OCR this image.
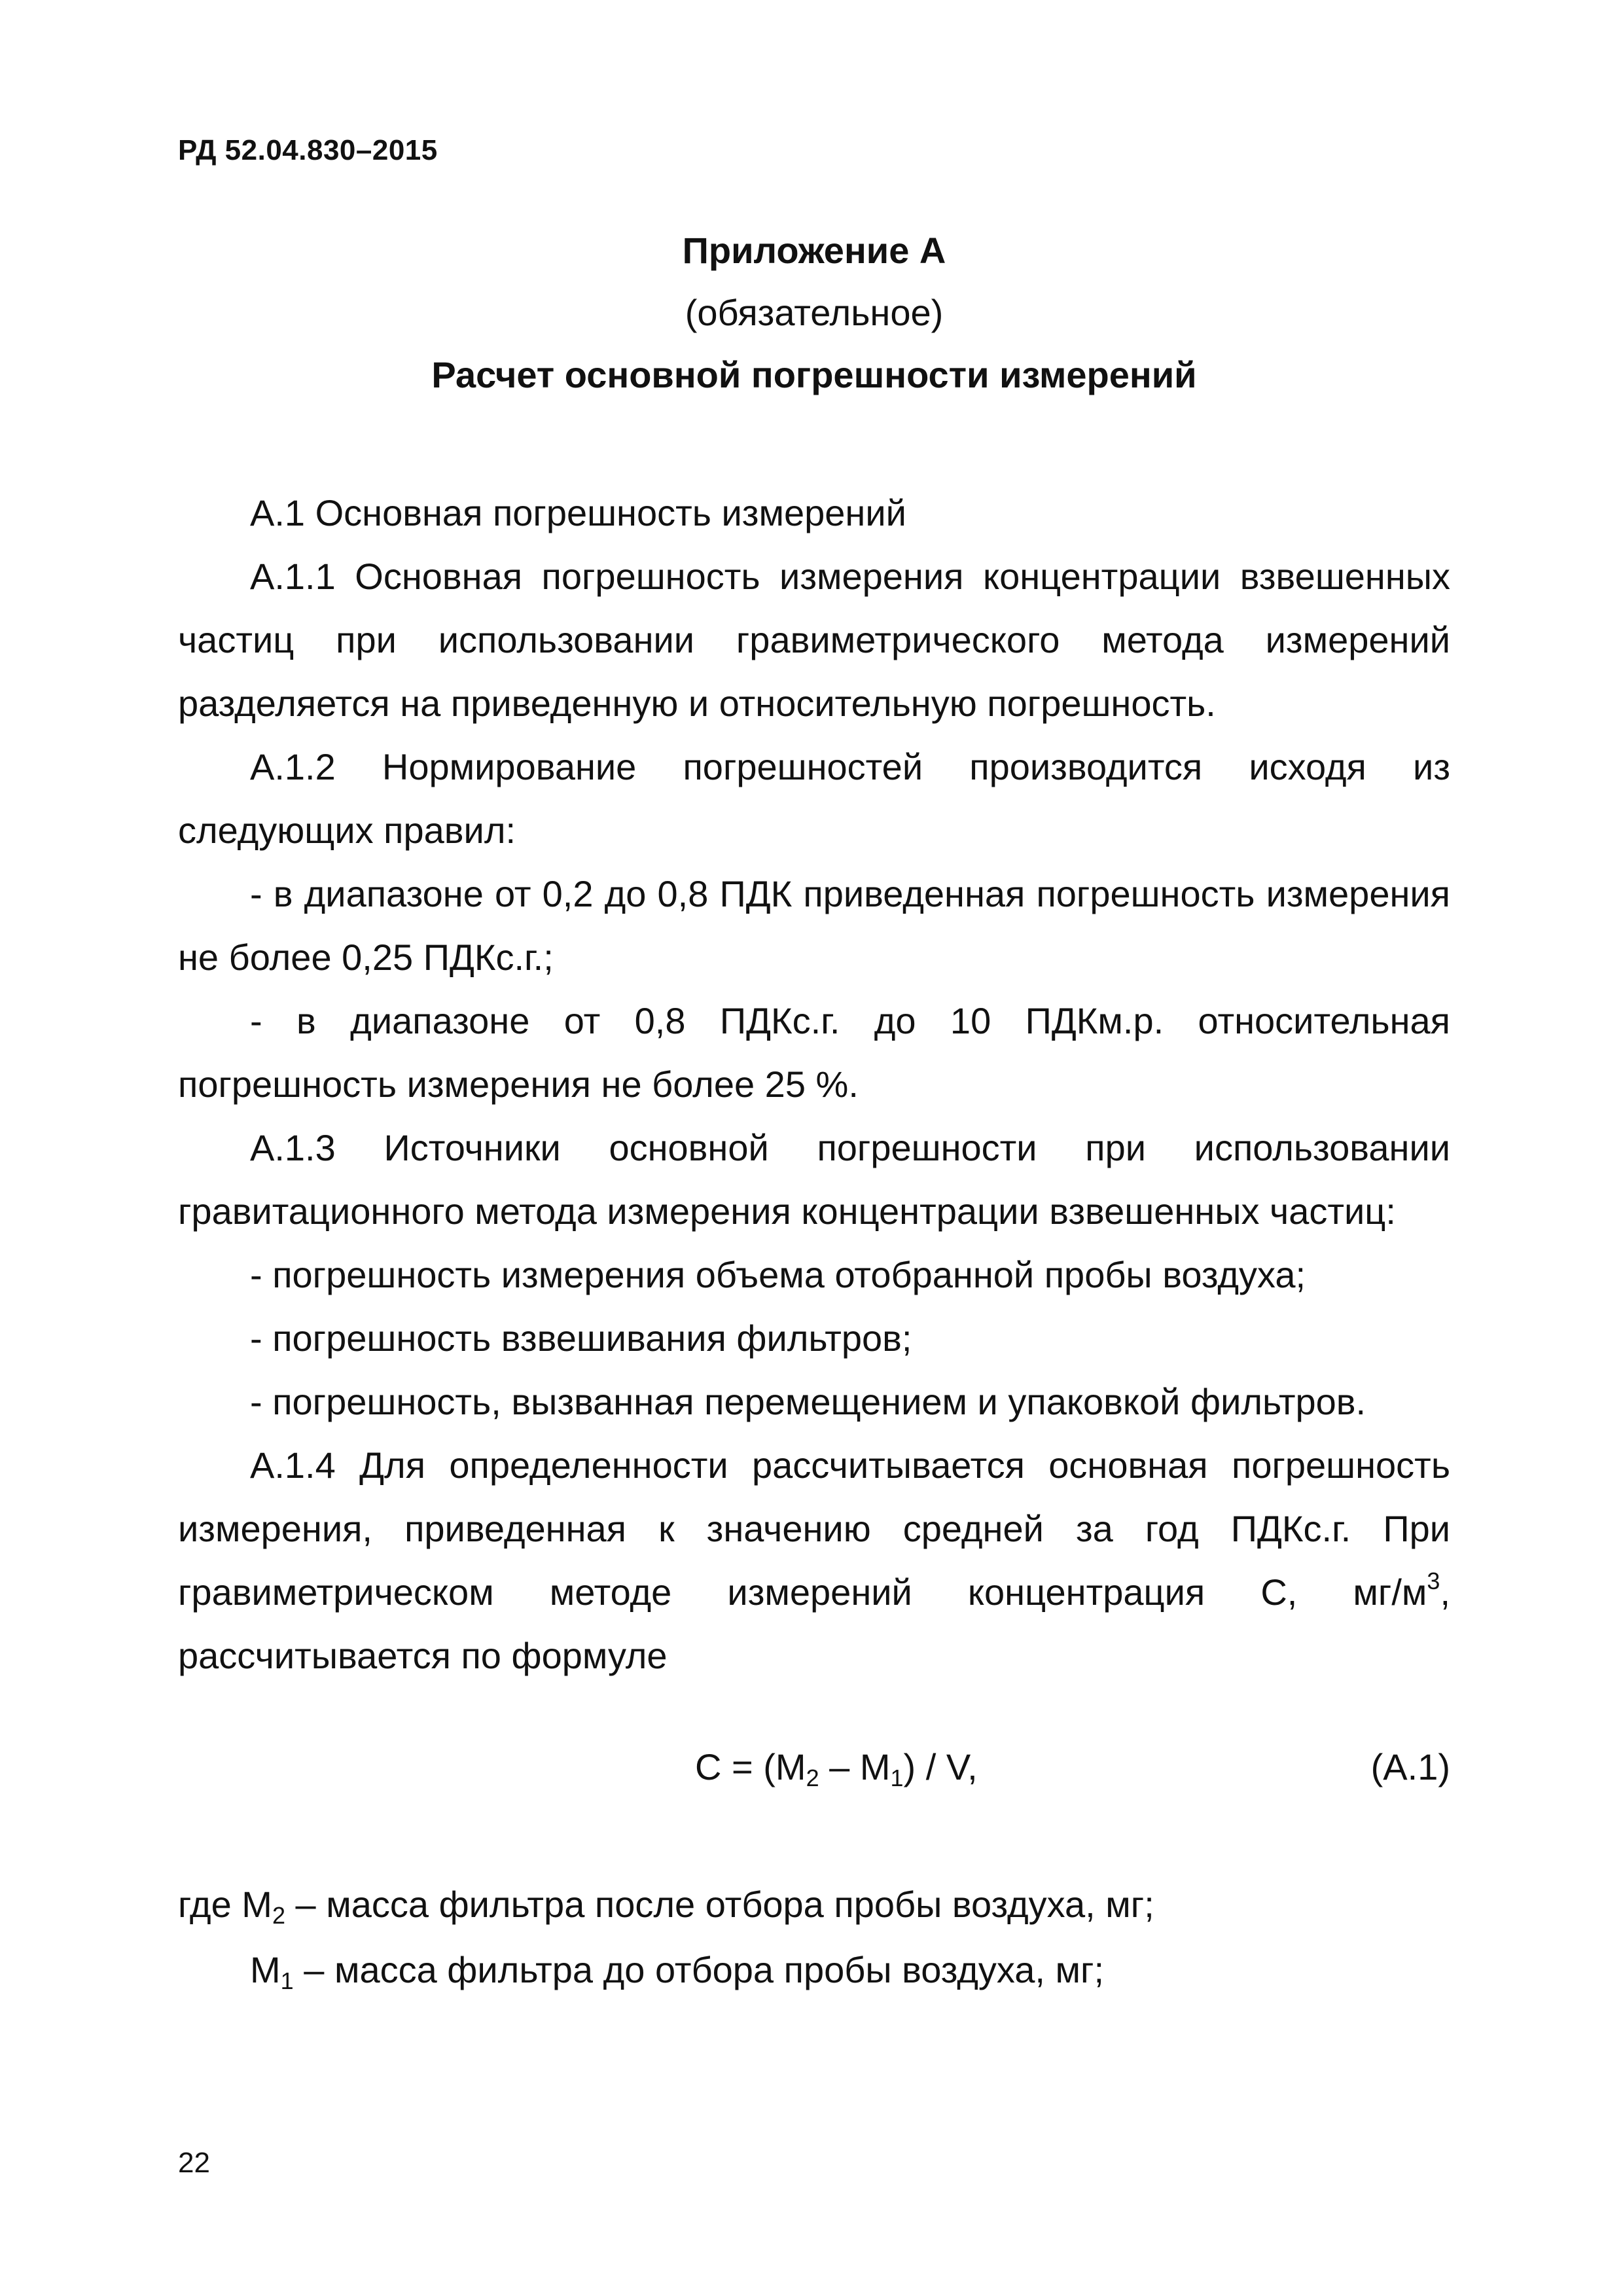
РД 52.04.830–2015
Приложение А
(обязательное)
Расчет основной погрешности измерений

А.1 Основная погрешность измерений

А.1.1 Основная погрешность измерения концентрации взвешенных частиц при использовании гравиметрического метода измерений разделяется на приведенную и относительную погрешность.

А.1.2 Нормирование погрешностей производится исходя из следующих правил:

- в диапазоне от 0,2 до 0,8 ПДК приведенная погрешность измерения не более 0,25 ПДКс.г.;

- в диапазоне от 0,8 ПДКс.г. до 10 ПДКм.р. относительная погрешность измерения не более 25 %.

А.1.3 Источники основной погрешности при использовании гравитационного метода измерения концентрации взвешенных частиц:

- погрешность измерения объема отобранной пробы воздуха;

- погрешность взвешивания фильтров;

- погрешность, вызванная перемещением и упаковкой фильтров.

А.1.4 Для определенности рассчитывается основная погрешность измерения, приведенная к значению средней за год ПДКс.г. При гравиметрическом методе измерений концентрация C, $мг/м^3$, рассчитывается по формуле

$C = (M_2 - M_1) / V$,	(А.1)
где $M_2$ – масса фильтра после отбора пробы воздуха, мг;
$M_1$ – масса фильтра до отбора пробы воздуха, мг;
22
